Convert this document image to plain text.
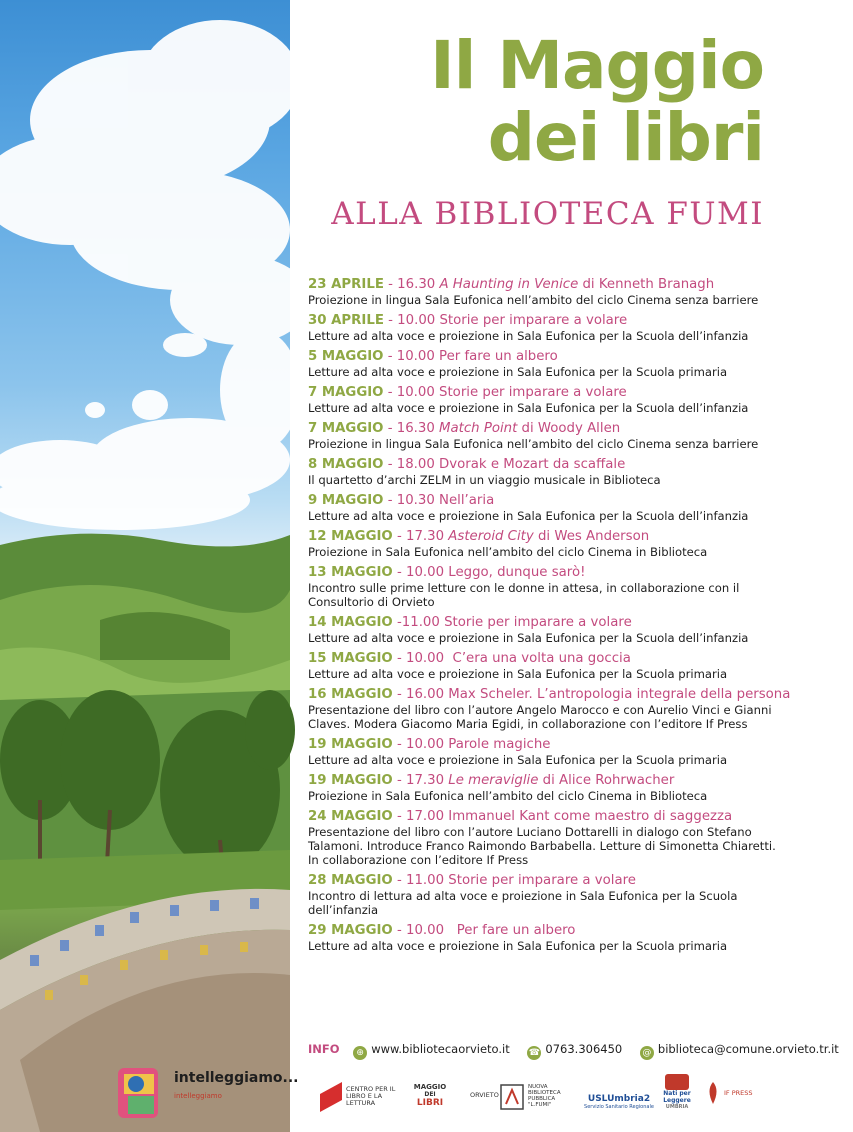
Il Maggio
dei libri
ALLA BIBLIOTECA FUMI
23 APRILE - 16.30 A Haunting in Venice di Kenneth Branagh
Proiezione in lingua Sala Eufonica nell’ambito del ciclo Cinema senza barriere
30 APRILE - 10.00 Storie per imparare a volare
Letture ad alta voce e proiezione in Sala Eufonica per la Scuola dell’infanzia
5 MAGGIO - 10.00 Per fare un albero
Letture ad alta voce e proiezione in Sala Eufonica per la Scuola primaria
7 MAGGIO - 10.00 Storie per imparare a volare
Letture ad alta voce e proiezione in Sala Eufonica per la Scuola dell’infanzia
7 MAGGIO - 16.30 Match Point di Woody Allen
Proiezione in lingua Sala Eufonica nell’ambito del ciclo Cinema senza barriere
8 MAGGIO - 18.00 Dvorak e Mozart da scaffale
Il quartetto d’archi ZELM in un viaggio musicale in Biblioteca
9 MAGGIO - 10.30 Nell’aria
Letture ad alta voce e proiezione in Sala Eufonica per la Scuola dell’infanzia
12 MAGGIO - 17.30 Asteroid City di Wes Anderson
Proiezione in Sala Eufonica nell’ambito del ciclo Cinema in Biblioteca
13 MAGGIO - 10.00 Leggo, dunque sarò!
Incontro sulle prime letture con le donne in attesa, in collaborazione con il Consultorio di Orvieto
14 MAGGIO -11.00 Storie per imparare a volare
Letture ad alta voce e proiezione in Sala Eufonica per la Scuola dell’infanzia
15 MAGGIO - 10.00  C’era una volta una goccia
Letture ad alta voce e proiezione in Sala Eufonica per la Scuola primaria
16 MAGGIO - 16.00 Max Scheler. L’antropologia integrale della persona
Presentazione del libro con l’autore Angelo Marocco e con Aurelio Vinci e Gianni Claves. Modera Giacomo Maria Egidi, in collaborazione con l’editore If Press
19 MAGGIO - 10.00 Parole magiche
Letture ad alta voce e proiezione in Sala Eufonica per la Scuola primaria
19 MAGGIO - 17.30 Le meraviglie di Alice Rohrwacher
Proiezione in Sala Eufonica nell’ambito del ciclo Cinema in Biblioteca
24 MAGGIO - 17.00 Immanuel Kant come maestro di saggezza
Presentazione del libro con l’autore Luciano Dottarelli in dialogo con Stefano Talamoni. Introduce Franco Raimondo Barbabella. Letture di Simonetta Chiaretti. In collaborazione con l’editore If Press
28 MAGGIO - 11.00 Storie per imparare a volare
Incontro di lettura ad alta voce e proiezione in Sala Eufonica per la Scuola dell’infanzia
29 MAGGIO - 10.00   Per fare un albero
Letture ad alta voce e proiezione in Sala Eufonica per la Scuola primaria
INFO ⊕ www.bibliotecaorvieto.it ☎ 0763.306450 @ biblioteca@comune.orvieto.tr.it
intelleggiamo...
intelleggiamo
CENTRO PER IL LIBRO E LA LETTURA
MAGGIO
DEI
LIBRI
ORVIETO
NUOVA BIBLIOTECA PUBBLICA "L.FUMI"
USLUmbria2
Servizio Sanitario Regionale
Nati per Leggere
UMBRIA
IF PRESS
